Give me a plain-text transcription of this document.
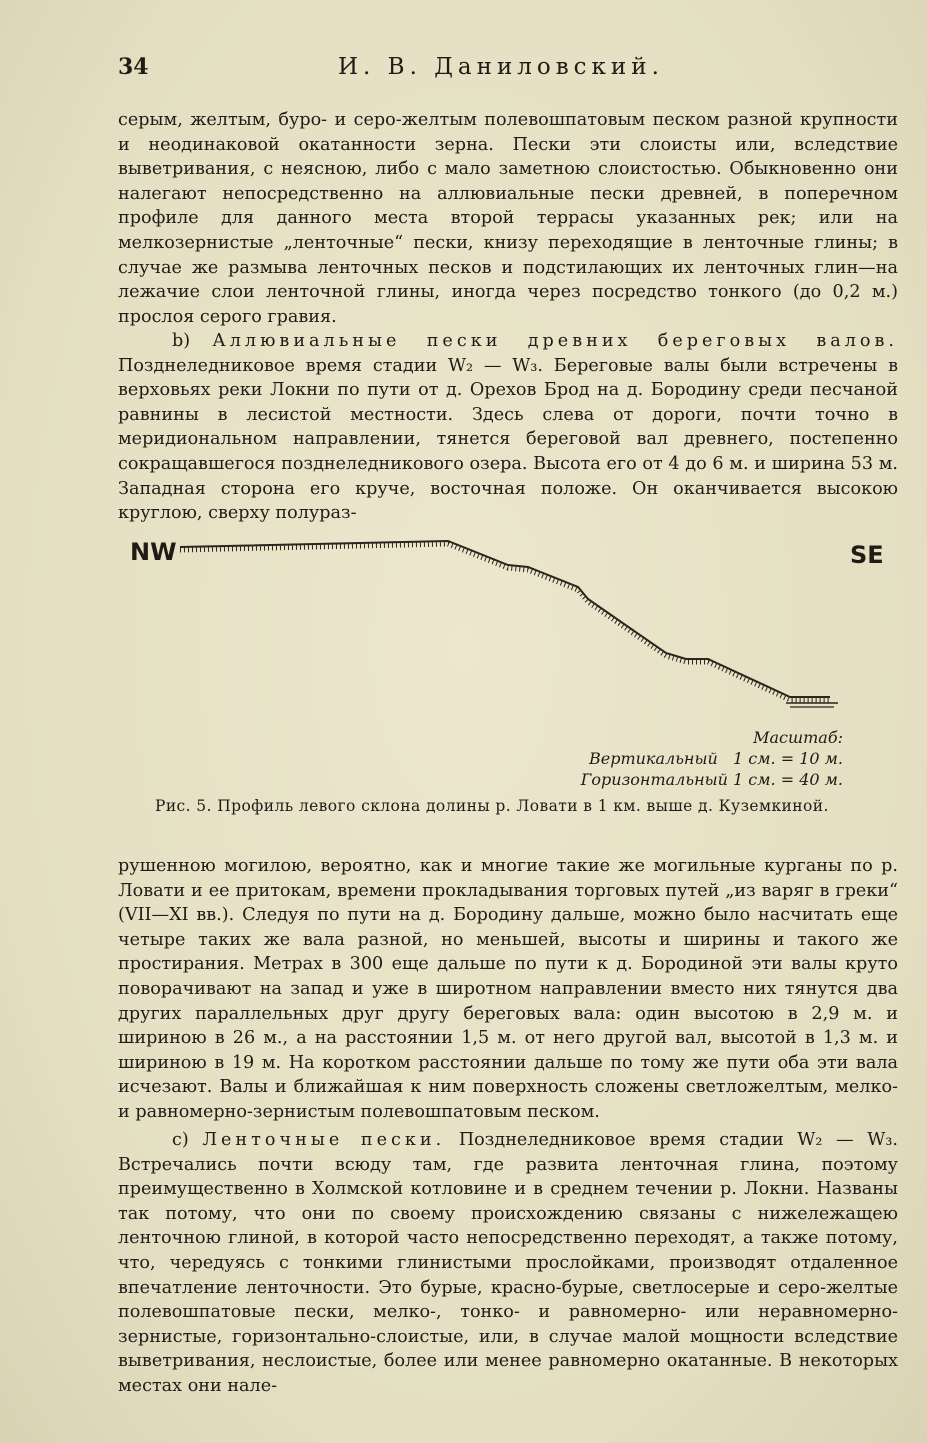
34	И. В. Даниловский.

серым, желтым, буро- и серо-желтым полевошпатовым песком разной крупности и неодинаковой окатанности зерна. Пески эти слоисты или, вследствие выветривания, с неясною, либо с мало заметною слоистостью. Обыкновенно они налегают непосредственно на аллювиальные пески древней, в поперечном профиле для данного места второй террасы указанных рек; или на мелкозернистые „ленточные“ пески, книзу переходящие в ленточные глины; в случае же размыва ленточных песков и подстилающих их ленточных глин—на лежачие слои ленточной глины, иногда через посредство тонкого (до 0,2 м.) прослоя серого гравия.

b) Аллювиальные пески древних береговых валов. Позднеледниковое время стадии W₂ — W₃. Береговые валы были встречены в верховьях реки Локни по пути от д. Орехов Брод на д. Бородину среди песчаной равнины в лесистой местности. Здесь слева от дороги, почти точно в меридиональном направлении, тянется береговой вал древнего, постепенно сокращавшегося позднеледникового озера. Высота его от 4 до 6 м. и ширина 53 м. Западная сторона его круче, восточная положе. Он оканчивается высокою круглою, сверху полураз-

NW	SE
Масштаб:
Вертикальный   1 см. = 10 м.
Горизонтальный 1 см. = 40 м.
Рис. 5. Профиль левого склона долины р. Ловати в 1 км. выше д. Куземкиной.

рушенною могилою, вероятно, как и многие такие же могильные курганы по р. Ловати и ее притокам, времени прокладывания торговых путей „из варяг в греки“ (VII—XI вв.). Следуя по пути на д. Бородину дальше, можно было насчитать еще четыре таких же вала разной, но меньшей, высоты и ширины и такого же простирания. Метрах в 300 еще дальше по пути к д. Бородиной эти валы круто поворачивают на запад и уже в широтном направлении вместо них тянутся два других параллельных друг другу береговых вала: один высотою в 2,9 м. и шириною в 26 м., а на расстоянии 1,5 м. от него другой вал, высотой в 1,3 м. и шириною в 19 м. На коротком расстоянии дальше по тому же пути оба эти вала исчезают. Валы и ближайшая к ним поверхность сложены светложелтым, мелко- и равномерно-зернистым полевошпатовым песком.

c) Ленточные пески. Позднеледниковое время стадии W₂ — W₃. Встречались почти всюду там, где развита ленточная глина, поэтому преимущественно в Холмской котловине и в среднем течении р. Локни. Названы так потому, что они по своему происхождению связаны с нижележащею ленточною глиной, в которой часто непосредственно переходят, а также потому, что, чередуясь с тонкими глинистыми прослойками, производят отдаленное впечатление ленточности. Это бурые, красно-бурые, светлосерые и серо-желтые полевошпатовые пески, мелко-, тонко- и равномерно- или неравномерно-зернистые, горизонтально-слоистые, или, в случае малой мощности вследствие выветривания, неслоистые, более или менее равномерно окатанные. В некоторых местах они нале-
